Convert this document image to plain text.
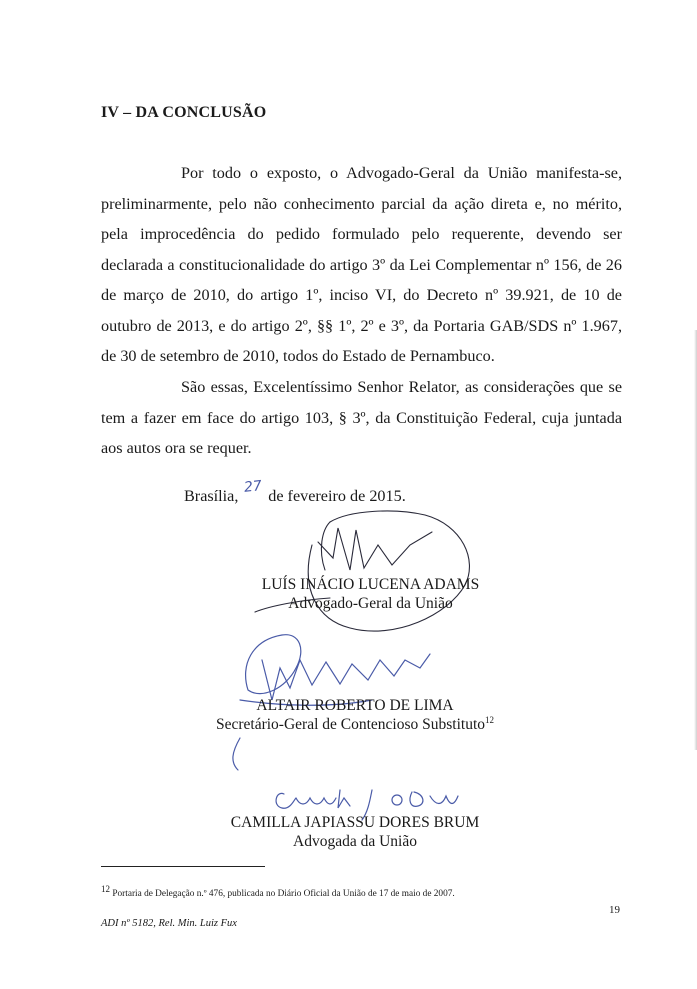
IV – DA CONCLUSÃO

Por todo o exposto, o Advogado-Geral da União manifesta-se, preliminarmente, pelo não conhecimento parcial da ação direta e, no mérito, pela improcedência do pedido formulado pelo requerente, devendo ser declarada a constitucionalidade do artigo 3º da Lei Complementar nº 156, de 26 de março de 2010, do artigo 1º, inciso VI, do Decreto nº 39.921, de 10 de outubro de 2013, e do artigo 2º, §§ 1º, 2º e 3º, da Portaria GAB/SDS nº 1.967, de 30 de setembro de 2010, todos do Estado de Pernambuco.

São essas, Excelentíssimo Senhor Relator, as considerações que se tem a fazer em face do artigo 103, § 3º, da Constituição Federal, cuja juntada aos autos ora se requer.

Brasília, 27 de fevereiro de 2015.
LUÍS INÁCIO LUCENA ADAMS
Advogado-Geral da União
ALTAIR ROBERTO DE LIMA
Secretário-Geral de Contencioso Substituto$^{12}$
CAMILLA JAPIASSU DORES BRUM
Advogada da União
12 Portaria de Delegação n.º 476, publicada no Diário Oficial da União de 17 de maio de 2007.
19
ADI nº 5182, Rel. Min. Luiz Fux
